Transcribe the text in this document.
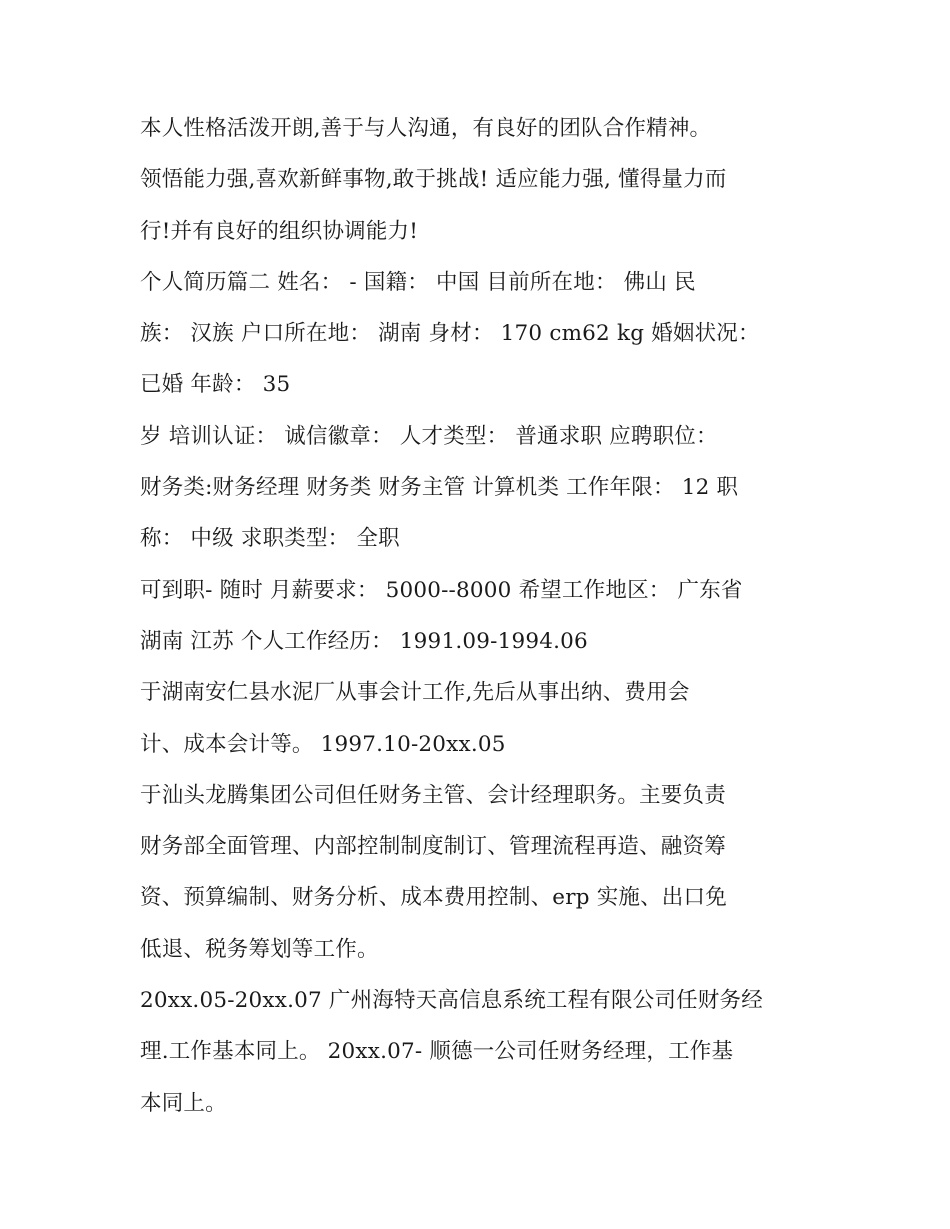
本人性格活泼开朗,善于与人沟通，有良好的团队合作精神。
领悟能力强,喜欢新鲜事物,敢于挑战! 适应能力强, 懂得量力而
行!并有良好的组织协调能力!
个人简历篇二 姓名： - 国籍： 中国 目前所在地： 佛山 民
族： 汉族 户口所在地： 湖南 身材： 170 cm62 kg 婚姻状况：
已婚 年龄： 35
岁 培训认证： 诚信徽章： 人才类型： 普通求职 应聘职位：
财务类:财务经理 财务类 财务主管 计算机类 工作年限： 12 职
称： 中级 求职类型： 全职
可到职- 随时 月薪要求： 5000--8000 希望工作地区： 广东省
湖南 江苏 个人工作经历： 1991.09-1994.06
于湖南安仁县水泥厂从事会计工作,先后从事出纳、费用会
计、成本会计等。 1997.10-20xx.05
于汕头龙腾集团公司但任财务主管、会计经理职务。主要负责
财务部全面管理、内部控制制度制订、管理流程再造、融资筹
资、预算编制、财务分析、成本费用控制、erp 实施、出口免
低退、税务筹划等工作。
20xx.05-20xx.07 广州海特天高信息系统工程有限公司任财务经
理.工作基本同上。 20xx.07- 顺德一公司任财务经理，工作基
本同上。
